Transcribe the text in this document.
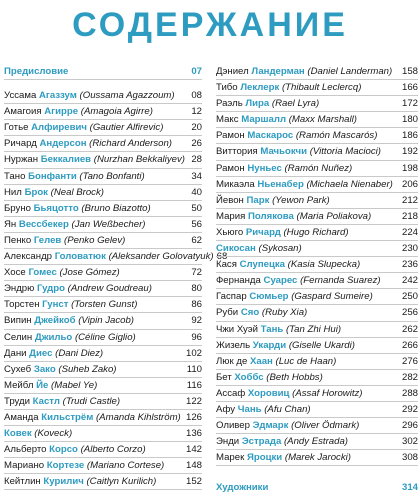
СОДЕРЖАНИЕ
Предисловие	07
Уссама Агаззум (Oussama Agazzoum)	08
Амагоия Агирре (Amagoia Agirre)	12
Готье Алфиревич (Gautier Alfirevic)	20
Ричард Андерсон (Richard Anderson)	26
Нуржан Беккалиев (Nurzhan Bekkaliyev) 28
Тано Бонфанти (Tano Bonfanti)	34
Нил Брок (Neal Brock)	40
Бруно Бьяцотто (Bruno Biazotto)	50
Ян Вессбекер (Jan Weßbecher)	56
Пенко Гелев (Penko Gelev)	62
Александр Головатюк (Aleksander Golovatyuk) 68
Хосе Гомес (Jose Gómez)	72
Эндрю Гудро (Andrew Goudreau)	80
Торстен Гунст (Torsten Gunst)	86
Випин Джейкоб (Vipin Jacob)	92
Селин Джильо (Céline Giglio)	96
Дани Диес (Dani Diez)	102
Сухеб Зако (Suheb Zako)	110
Мейбл Йе (Mabel Ye)	116
Труди Кастл (Trudi Castle)	122
Аманда Кильстрём (Amanda Kihlström) 126
Ковек (Koveck)	136
Альберто Корсо (Alberto Corzo)	142
Мариано Кортезе (Mariano Cortese)	148
Кейтлин Курилич (Caitlyn Kurilich)	152
Дэниел Ландерман (Daniel Landerman)	158
Тибо Леклерк (Thibault Leclercq)	166
Раэль Лира (Rael Lyra)	172
Макс Маршалл (Maxx Marshall)	180
Рамон Маскарос (Ramón Mascarós)	186
Виттория Мачьокчи (Vittoria Macioci)	192
Рамон Нуньес (Ramón Nuñez)	198
Микаэла Ньенабер (Michaela Nienaber) 206
Йевон Парк (Yewon Park)	212
Мария Полякова (Maria Poliakova)	218
Хьюго Ричард (Hugo Richard)	224
Сикосан (Sykosan)	230
Кася Слупецка (Kasia Slupecka)	236
Фернанда Суарес (Fernanda Suarez)	242
Гаспар Сюмьер (Gaspard Sumeire)	250
Руби Сяо (Ruby Xia)	256
Чжи Хуэй Тань (Tan Zhi Hui)	262
Жизель Укарди (Giselle Ukardi)	266
Люк де Хаан (Luc de Haan)	276
Бет Хоббс (Beth Hobbs)	282
Ассаф Хоровиц (Assaf Horowitz)	288
Афу Чань (Afu Chan)	292
Оливер Эдмарк (Oliver Ödmark)	296
Энди Эстрада (Andy Estrada)	302
Марек Яроцки (Marek Jarocki)	308
Художники	314
